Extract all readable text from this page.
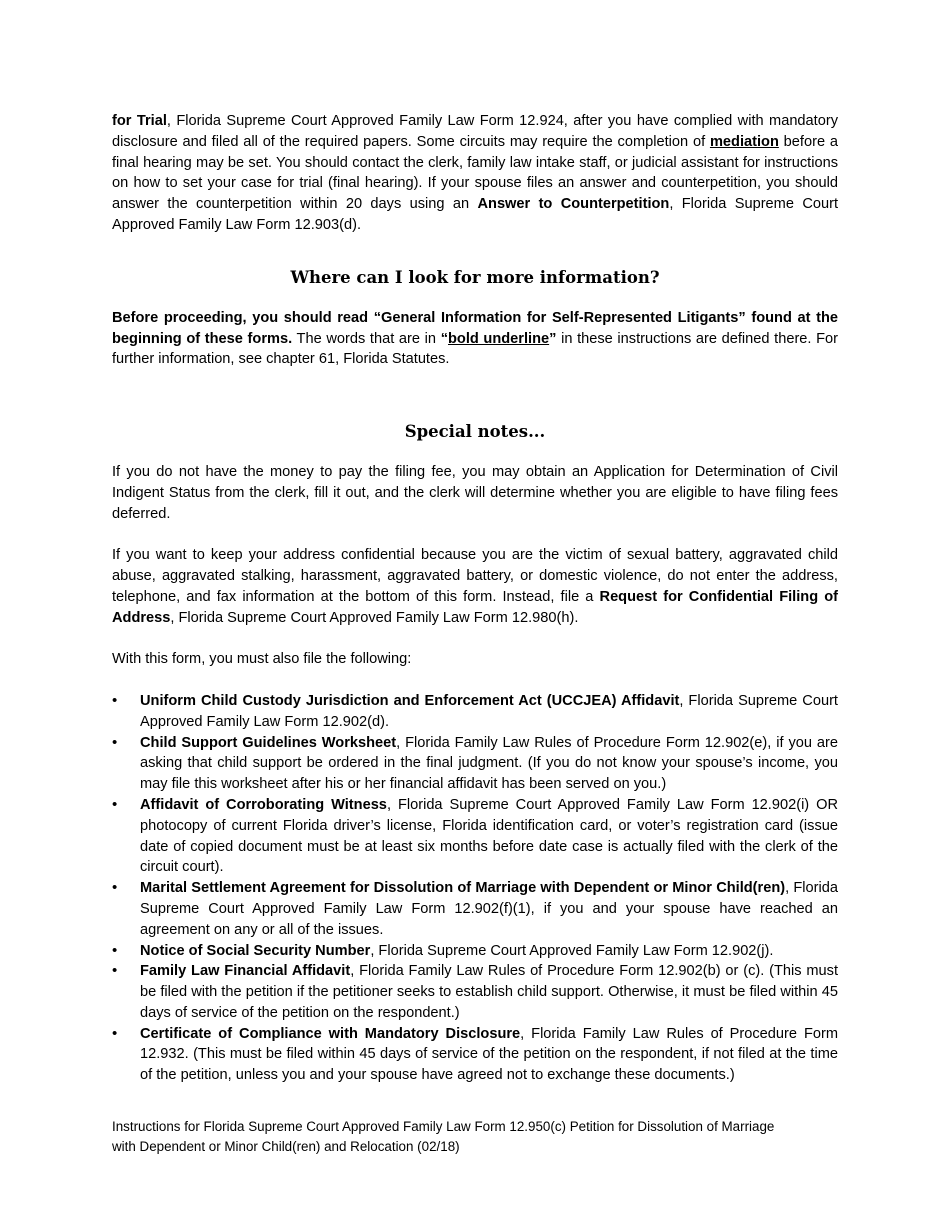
for Trial, Florida Supreme Court Approved Family Law Form 12.924, after you have complied with mandatory disclosure and filed all of the required papers. Some circuits may require the completion of mediation before a final hearing may be set. You should contact the clerk, family law intake staff, or judicial assistant for instructions on how to set your case for trial (final hearing). If your spouse files an answer and counterpetition, you should answer the counterpetition within 20 days using an Answer to Counterpetition, Florida Supreme Court Approved Family Law Form 12.903(d).

Where can I look for more information?

Before proceeding, you should read “General Information for Self-Represented Litigants” found at the beginning of these forms. The words that are in “bold underline” in these instructions are defined there. For further information, see chapter 61, Florida Statutes.

Special notes...

If you do not have the money to pay the filing fee, you may obtain an Application for Determination of Civil Indigent Status from the clerk, fill it out, and the clerk will determine whether you are eligible to have filing fees deferred.

If you want to keep your address confidential because you are the victim of sexual battery, aggravated child abuse, aggravated stalking, harassment, aggravated battery, or domestic violence, do not enter the address, telephone, and fax information at the bottom of this form. Instead, file a Request for Confidential Filing of Address, Florida Supreme Court Approved Family Law Form 12.980(h).

With this form, you must also file the following:

•	Uniform Child Custody Jurisdiction and Enforcement Act (UCCJEA) Affidavit, Florida Supreme Court Approved Family Law Form 12.902(d).
•	Child Support Guidelines Worksheet, Florida Family Law Rules of Procedure Form 12.902(e), if you are asking that child support be ordered in the final judgment. (If you do not know your spouse’s income, you may file this worksheet after his or her financial affidavit has been served on you.)
•	Affidavit of Corroborating Witness, Florida Supreme Court Approved Family Law Form 12.902(i) OR photocopy of current Florida driver’s license, Florida identification card, or voter’s registration card (issue date of copied document must be at least six months before date case is actually filed with the clerk of the circuit court).
•	Marital Settlement Agreement for Dissolution of Marriage with Dependent or Minor Child(ren), Florida Supreme Court Approved Family Law Form 12.902(f)(1), if you and your spouse have reached an agreement on any or all of the issues.
•	Notice of Social Security Number, Florida Supreme Court Approved Family Law Form 12.902(j).
•	Family Law Financial Affidavit, Florida Family Law Rules of Procedure Form 12.902(b) or (c). (This must be filed with the petition if the petitioner seeks to establish child support. Otherwise, it must be filed within 45 days of service of the petition on the respondent.)
•	Certificate of Compliance with Mandatory Disclosure, Florida Family Law Rules of Procedure Form 12.932. (This must be filed within 45 days of service of the petition on the respondent, if not filed at the time of the petition, unless you and your spouse have agreed not to exchange these documents.)
Instructions for Florida Supreme Court Approved Family Law Form 12.950(c) Petition for Dissolution of Marriage
with Dependent or Minor Child(ren) and Relocation (02/18)
